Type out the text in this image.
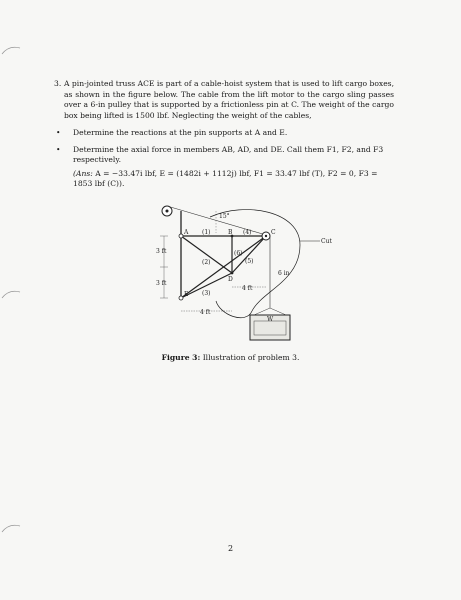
3. A pin-jointed truss ACE is part of a cable-hoist system that is used to lift cargo boxes, as shown in the figure below. The cable from the lift motor to the cargo sling passes over a 6-in pulley that is supported by a frictionless pin at C. The weight of the cargo box being lifted is 1500 lbf. Neglecting the weight of the cables,
• Determine the reactions at the pin supports at A and E.
• Determine the axial force in members AB, AD, and DE. Call them F1, F2, and F3 respectively.
(Ans: A = −33.47i lbf, E = (1482i + 1112j) lbf, F1 = 33.47 lbf (T), F2 = 0, F3 = 1853 lbf (C)).
15°
W
Cut
A	B	C
D
E
(1)
(2)
(3)
(4)
(5)
(6)
3 ft
3 ft
4 ft
4 ft
6 in
Figure 3: Illustration of problem 3.
2
